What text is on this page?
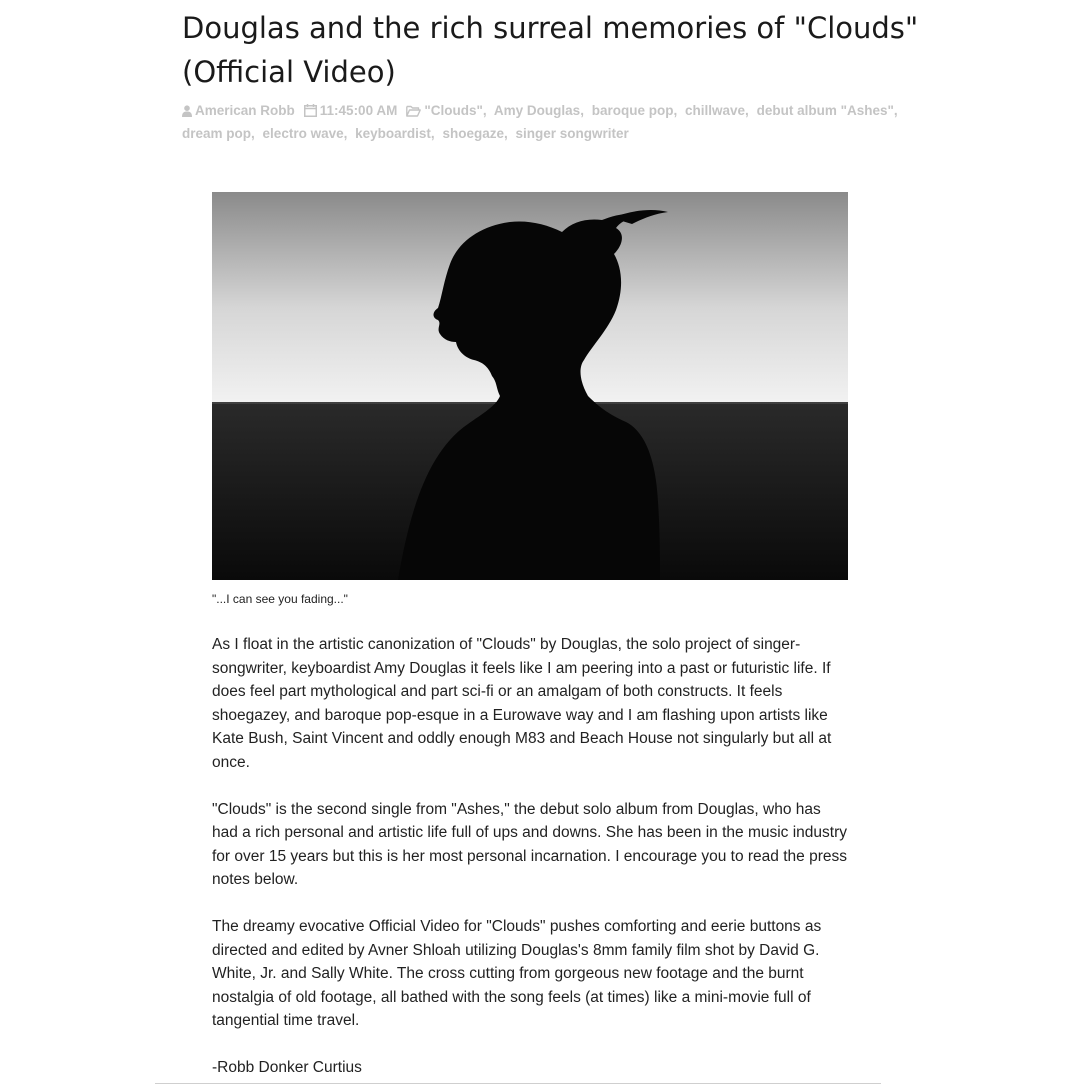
Douglas and the rich surreal memories of "Clouds" (Official Video)
American Robb 11:45:00 AM "Clouds", Amy Douglas, baroque pop, chillwave, debut album "Ashes", dream pop, electro wave, keyboardist, shoegaze, singer songwriter
"...I can see you fading..."

As I float in the artistic canonization of "Clouds" by Douglas, the solo project of singer-songwriter, keyboardist Amy Douglas it feels like I am peering into a past or futuristic life. If does feel part mythological and part sci-fi or an amalgam of both constructs. It feels shoegazey, and baroque pop-esque in a Eurowave way and I am flashing upon artists like Kate Bush, Saint Vincent and oddly enough M83 and Beach House not singularly but all at once.

"Clouds" is the second single from "Ashes," the debut solo album from Douglas, who has had a rich personal and artistic life full of ups and downs. She has been in the music industry for over 15 years but this is her most personal incarnation. I encourage you to read the press notes below.

The dreamy evocative Official Video for "Clouds" pushes comforting and eerie buttons as directed and edited by Avner Shloah utilizing Douglas's 8mm family film shot by David G. White, Jr. and Sally White. The cross cutting from gorgeous new footage and the burnt nostalgia of old footage, all bathed with the song feels (at times) like a mini-movie full of tangential time travel.

-Robb Donker Curtius
